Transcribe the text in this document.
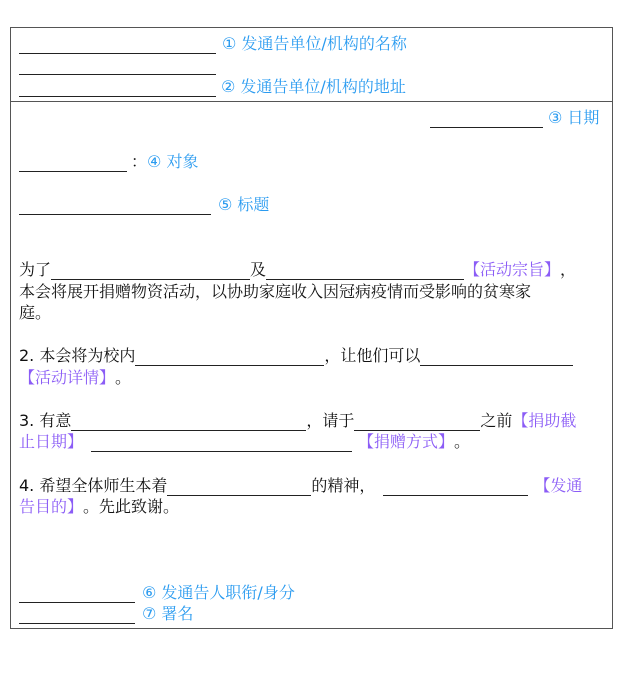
① 发通告单位/机构的名称
② 发通告单位/机构的地址
③ 日期
： ④ 对象
⑤ 标题
为了	及	【活动宗旨】 ，
本会将展开捐赠物资活动，以协助家庭收入因冠病疫情而受影响的贫寒家
庭。
2. 本会将为校内	，让他们可以
【活动详情】 。
3. 有意	，请于	之前 【捐助截
止日期】	【捐赠方式】 。
4. 希望全体师生本着	的精神，	【发通
告目的】 。先此致谢。
⑥ 发通告人职衔/身分
⑦ 署名
